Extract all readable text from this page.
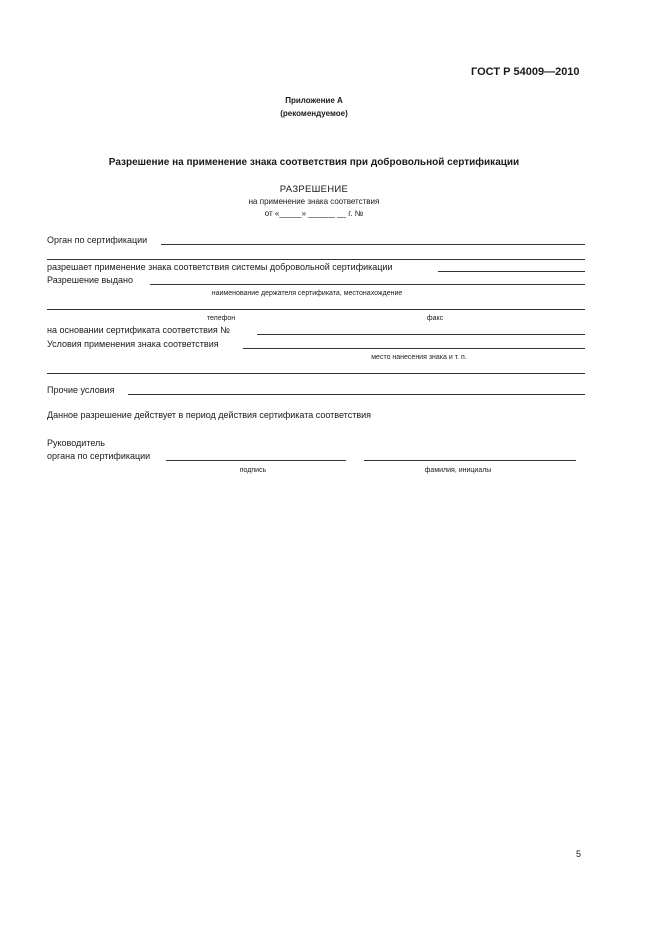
ГОСТ Р 54009—2010
Приложение А
(рекомендуемое)
Разрешение на применение знака соответствия при добровольной сертификации
РАЗРЕШЕНИЕ
на применение знака соответствия
от «_____» ______ __ г. №
Орган по сертификации
разрешает применение знака соответствия системы добровольной сертификации
Разрешение выдано
наименование держателя сертификата, местонахождение
телефон	факс
на основании сертификата соответствия №
Условия применения знака соответствия
место нанесения знака и т. п.
Прочие условия
Данное разрешение действует в период действия сертификата соответствия
Руководитель
органа по сертификации
подпись	фамилия, инициалы
5
